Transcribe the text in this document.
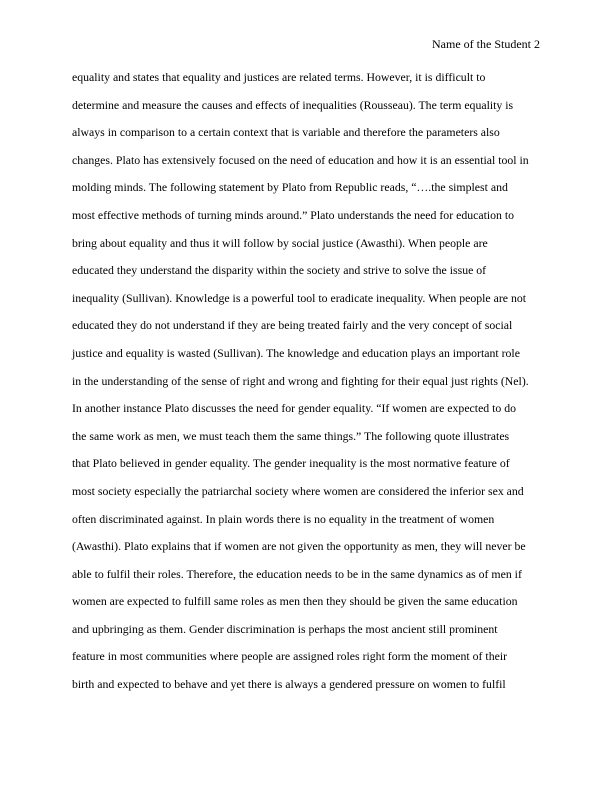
Name of the Student 2
equality and states that equality and justices are related terms. However, it is difficult to
determine and measure the causes and effects of inequalities (Rousseau). The term equality is
always in comparison to a certain context that is variable and therefore the parameters also
changes. Plato has extensively focused on the need of education and how it is an essential tool in
molding minds. The following statement by Plato from Republic reads, “….the simplest and
most effective methods of turning minds around.” Plato understands the need for education to
bring about equality and thus it will follow by social justice (Awasthi). When people are
educated they understand the disparity within the society and strive to solve the issue of
inequality (Sullivan). Knowledge is a powerful tool to eradicate inequality. When people are not
educated they do not understand if they are being treated fairly and the very concept of social
justice and equality is wasted (Sullivan). The knowledge and education plays an important role
in the understanding of the sense of right and wrong and fighting for their equal just rights (Nel).
In another instance Plato discusses the need for gender equality. “If women are expected to do
the same work as men, we must teach them the same things.” The following quote illustrates
that Plato believed in gender equality. The gender inequality is the most normative feature of
most society especially the patriarchal society where women are considered the inferior sex and
often discriminated against. In plain words there is no equality in the treatment of women
(Awasthi). Plato explains that if women are not given the opportunity as men, they will never be
able to fulfil their roles. Therefore, the education needs to be in the same dynamics as of men if
women are expected to fulfill same roles as men then they should be given the same education
and upbringing as them. Gender discrimination is perhaps the most ancient still prominent
feature in most communities where people are assigned roles right form the moment of their
birth and expected to behave and yet there is always a gendered pressure on women to fulfil
